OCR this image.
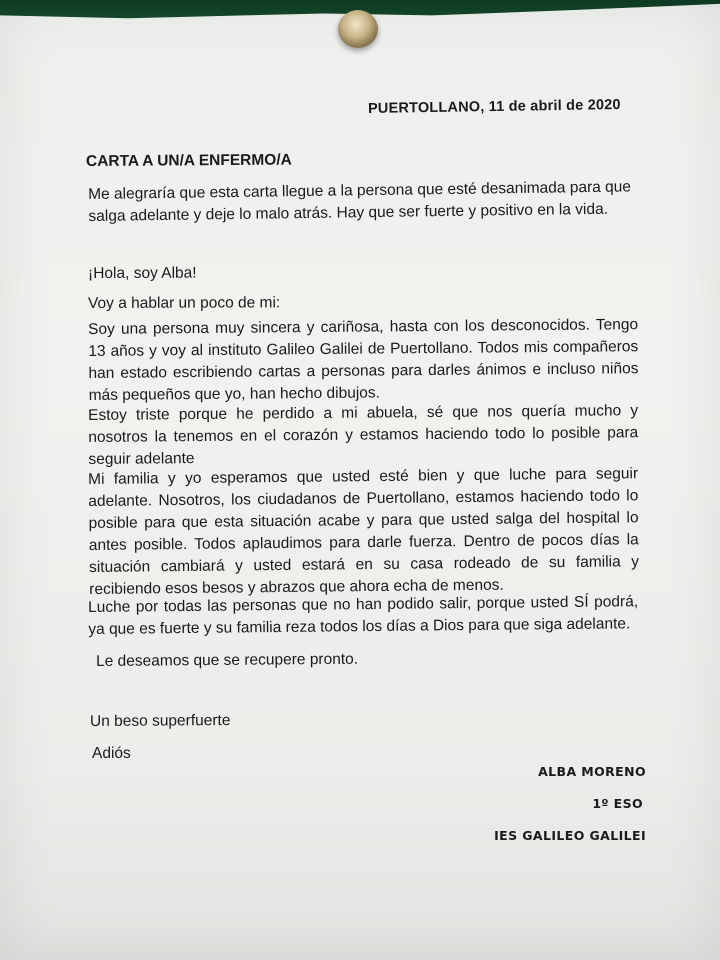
PUERTOLLANO, 11 de abril de 2020
CARTA A UN/A ENFERMO/A
Me alegraría que esta carta llegue a la persona que esté desanimada para que salga adelante y deje lo malo atrás. Hay que ser fuerte y positivo en la vida.
¡Hola, soy Alba!
Voy a hablar un poco de mi:
Soy una persona muy sincera y cariñosa, hasta con los desconocidos. Tengo 13 años y voy al instituto Galileo Galilei de Puertollano. Todos mis compañeros han estado escribiendo cartas a personas para darles ánimos e incluso niños más pequeños que yo, han hecho dibujos.
Estoy triste porque he perdido a mi abuela, sé que nos quería mucho y nosotros la tenemos en el corazón y estamos haciendo todo lo posible para seguir adelante
Mi familia y yo esperamos que usted esté bien y que luche para seguir adelante. Nosotros, los ciudadanos de Puertollano, estamos haciendo todo lo posible para que esta situación acabe y para que usted salga del hospital lo antes posible. Todos aplaudimos para darle fuerza. Dentro de pocos días la situación cambiará y usted estará en su casa rodeado de su familia y recibiendo esos besos y abrazos que ahora echa de menos.
Luche por todas las personas que no han podido salir, porque usted SÍ podrá, ya que es fuerte y su familia reza todos los días a Dios para que siga adelante.
Le deseamos que se recupere pronto.
Un beso superfuerte
Adiós
ALBA MORENO
1º ESO
IES GALILEO GALILEI
